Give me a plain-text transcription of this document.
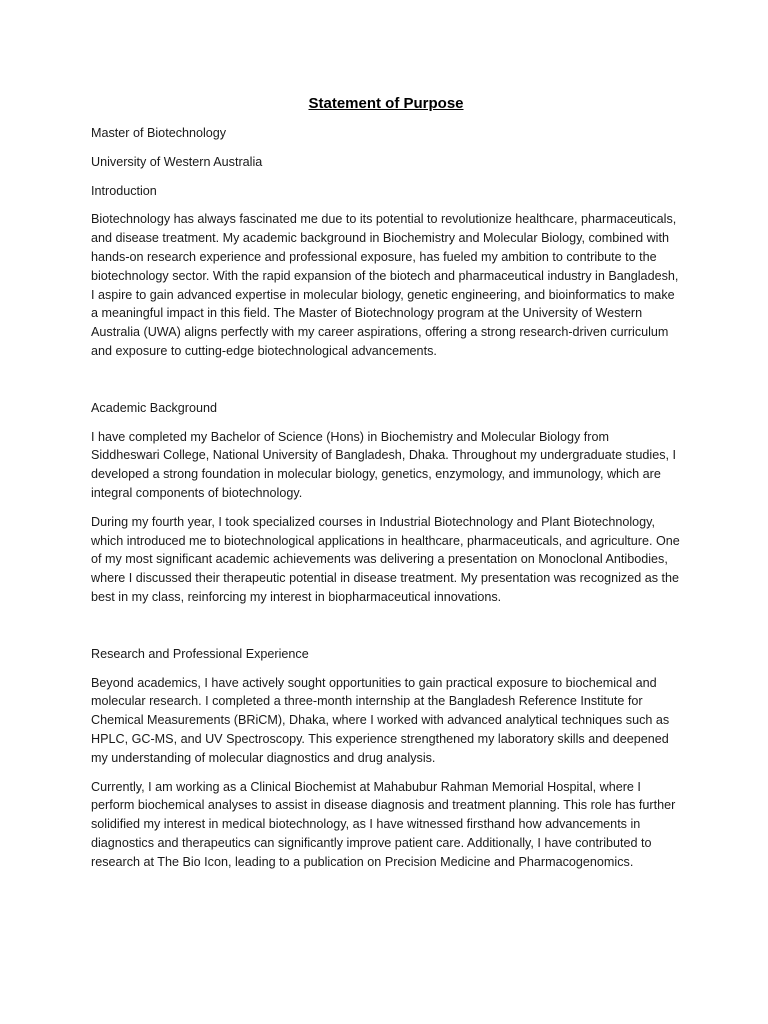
Statement of Purpose
Master of Biotechnology
University of Western Australia
Introduction
Biotechnology has always fascinated me due to its potential to revolutionize healthcare, pharmaceuticals, and disease treatment. My academic background in Biochemistry and Molecular Biology, combined with hands-on research experience and professional exposure, has fueled my ambition to contribute to the biotechnology sector. With the rapid expansion of the biotech and pharmaceutical industry in Bangladesh, I aspire to gain advanced expertise in molecular biology, genetic engineering, and bioinformatics to make a meaningful impact in this field. The Master of Biotechnology program at the University of Western Australia (UWA) aligns perfectly with my career aspirations, offering a strong research-driven curriculum and exposure to cutting-edge biotechnological advancements.
Academic Background
I have completed my Bachelor of Science (Hons) in Biochemistry and Molecular Biology from Siddheswari College, National University of Bangladesh, Dhaka. Throughout my undergraduate studies, I developed a strong foundation in molecular biology, genetics, enzymology, and immunology, which are integral components of biotechnology.
During my fourth year, I took specialized courses in Industrial Biotechnology and Plant Biotechnology, which introduced me to biotechnological applications in healthcare, pharmaceuticals, and agriculture. One of my most significant academic achievements was delivering a presentation on Monoclonal Antibodies, where I discussed their therapeutic potential in disease treatment. My presentation was recognized as the best in my class, reinforcing my interest in biopharmaceutical innovations.
Research and Professional Experience
Beyond academics, I have actively sought opportunities to gain practical exposure to biochemical and molecular research. I completed a three-month internship at the Bangladesh Reference Institute for Chemical Measurements (BRiCM), Dhaka, where I worked with advanced analytical techniques such as HPLC, GC-MS, and UV Spectroscopy. This experience strengthened my laboratory skills and deepened my understanding of molecular diagnostics and drug analysis.
Currently, I am working as a Clinical Biochemist at Mahabubur Rahman Memorial Hospital, where I perform biochemical analyses to assist in disease diagnosis and treatment planning. This role has further solidified my interest in medical biotechnology, as I have witnessed firsthand how advancements in diagnostics and therapeutics can significantly improve patient care. Additionally, I have contributed to research at The Bio Icon, leading to a publication on Precision Medicine and Pharmacogenomics.
